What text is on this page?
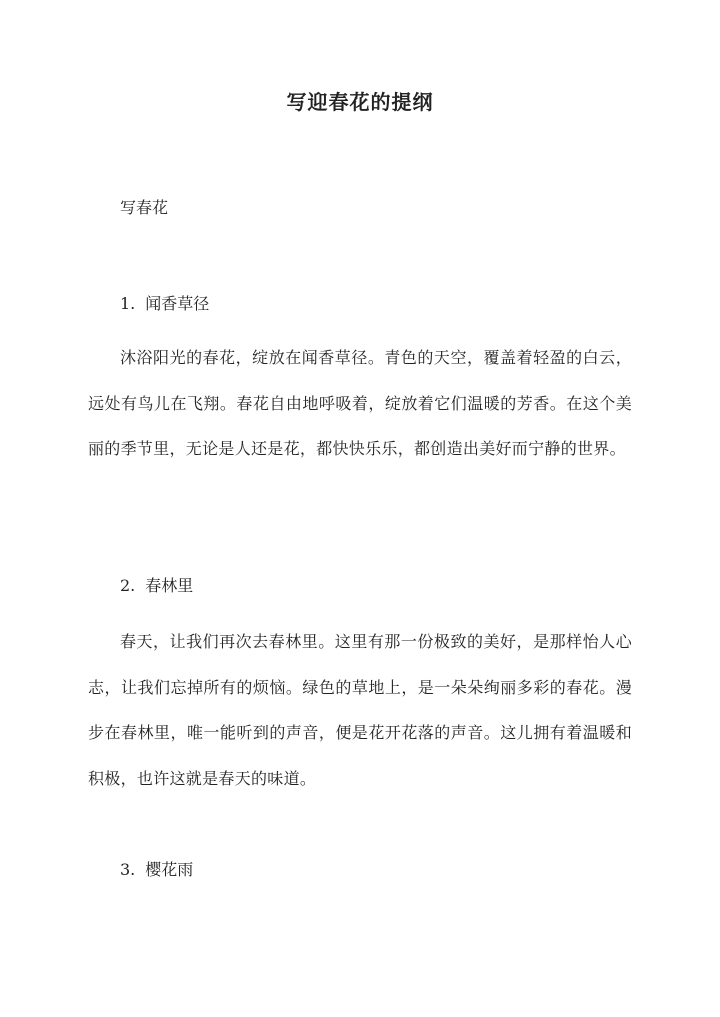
写迎春花的提纲
写春花
1. 闻香草径
沐浴阳光的春花，绽放在闻香草径。青色的天空，覆盖着轻盈的白云，远处有鸟儿在飞翔。春花自由地呼吸着，绽放着它们温暖的芳香。在这个美丽的季节里，无论是人还是花，都快快乐乐，都创造出美好而宁静的世界。
2. 春林里
春天，让我们再次去春林里。这里有那一份极致的美好，是那样怡人心志，让我们忘掉所有的烦恼。绿色的草地上，是一朵朵绚丽多彩的春花。漫步在春林里，唯一能听到的声音，便是花开花落的声音。这儿拥有着温暖和积极，也许这就是春天的味道。
3. 樱花雨
